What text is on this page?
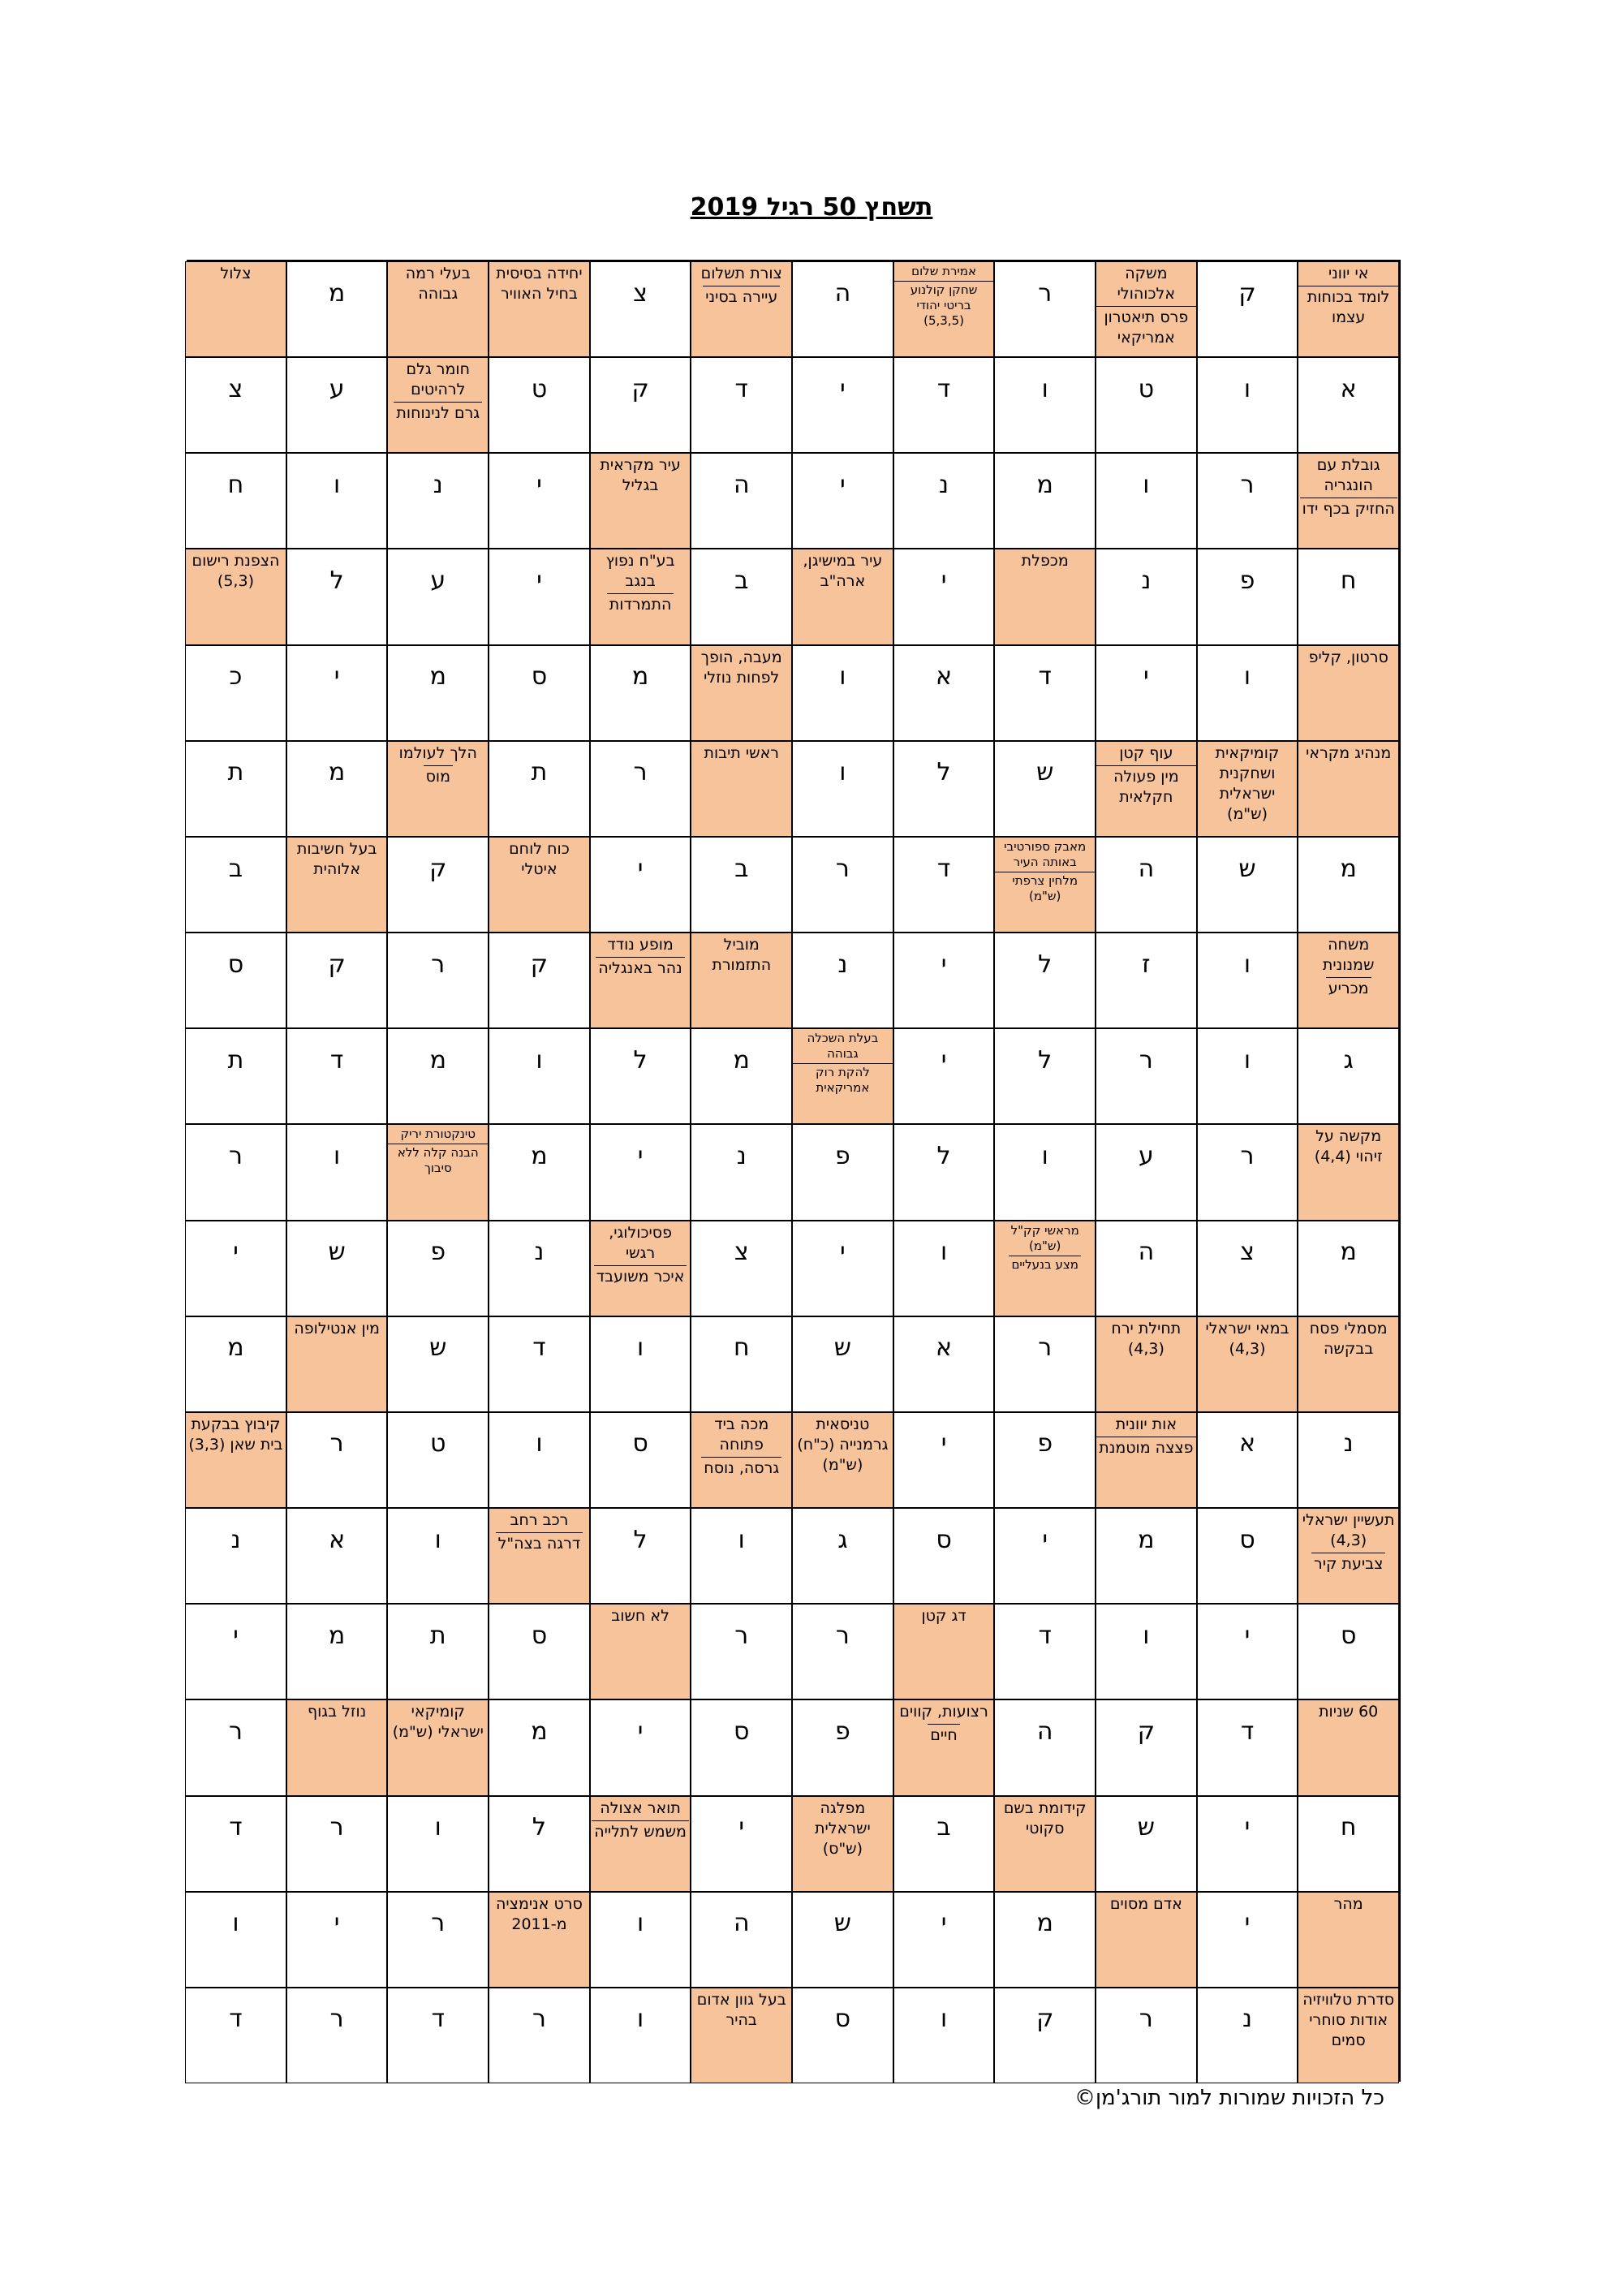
תשחץ 50 רגיל 2019
אי יווני
לומד בכוחות עצמו
ק
משקה אלכוהולי
פרס תיאטרון אמריקאי
ר
אמירת שלום
שחקן קולנוע בריטי יהודי (5,3,5)
ה
צורת תשלום
עיירה בסיני
צ
יחידה בסיסית בחיל האוויר
בעלי רמה גבוהה
מ
צלול
א
ו
ט
ו
ד
י
ד
ק
ט
חומר גלם לרהיטים
גרם לנינוחות
ע
צ
גובלת עם הונגריה
החזיק בכף ידו
ר
ו
מ
נ
י
ה
עיר מקראית בגליל
י
נ
ו
ח
ח
פ
נ
מכפלת
י
עיר במישיגן, ארה"ב
ב
בע"ח נפוץ בנגב
התמרדות
י
ע
ל
הצפנת רישום (5,3)
סרטון, קליפ
ו
י
ד
א
ו
מעבה, הופך לפחות נוזלי
מ
ס
מ
י
כ
מנהיג מקראי
קומיקאית ושחקנית ישראלית (ש"מ)
עוף קטן
מין פעולה חקלאית
ש
ל
ו
ראשי תיבות
ר
ת
הלך לעולמו
מוס
מ
ת
מ
ש
ה
מאבק ספורטיבי באותה העיר
מלחין צרפתי (ש"מ)
ד
ר
ב
י
כוח לוחם איטלי
ק
בעל חשיבות אלוהית
ב
משחה שמנונית
מכריע
ו
ז
ל
י
נ
מוביל התזמורת
מופע נודד
נהר באנגליה
ק
ר
ק
ס
ג
ו
ר
ל
י
בעלת השכלה גבוהה
להקת רוק אמריקאית
מ
ל
ו
מ
ד
ת
מקשה על זיהוי (4,4)
ר
ע
ו
ל
פ
נ
י
מ
טינקטורת יריק
הבנה קלה ללא סיבוך
ו
ר
מ
צ
ה
מראשי קק"ל (ש"מ)
מצע בנעליים
ו
י
צ
פסיכולוגי, רגשי
איכר משועבד
נ
פ
ש
י
מסמלי פסח בבקשה
במאי ישראלי (4,3)
תחילת ירח (4,3)
ר
א
ש
ח
ו
ד
ש
מין אנטילופה
מ
נ
א
אות יוונית
פצצה מוטמנת
פ
י
טניסאית גרמנייה (כ"ח) (ש"מ)
מכה ביד פתוחה
גרסה, נוסח
ס
ו
ט
ר
קיבוץ בבקעת בית שאן (3,3)
תעשיין ישראלי (4,3)
צביעת קיר
ס
מ
י
ס
ג
ו
ל
רכב רחב
דרגה בצה"ל
ו
א
נ
ס
י
ו
ד
דג קטן
ר
ר
לא חשוב
ס
ת
מ
י
60 שניות
ד
ק
ה
רצועות, קווים
חיים
פ
ס
י
מ
קומיקאי ישראלי (ש"מ)
נוזל בגוף
ר
ח
י
ש
קידומת בשם סקוטי
ב
מפלגה ישראלית (ש"ס)
י
תואר אצולה
משמש לתלייה
ל
ו
ר
ד
מהר
י
אדם מסוים
מ
י
ש
ה
ו
סרט אנימציה מ-2011
ר
י
ו
סדרת טלוויזיה אודות סוחרי סמים
נ
ר
ק
ו
ס
בעל גוון אדום בהיר
ו
ר
ד
ר
ד
כל הזכויות שמורות למור תורג'מן©
